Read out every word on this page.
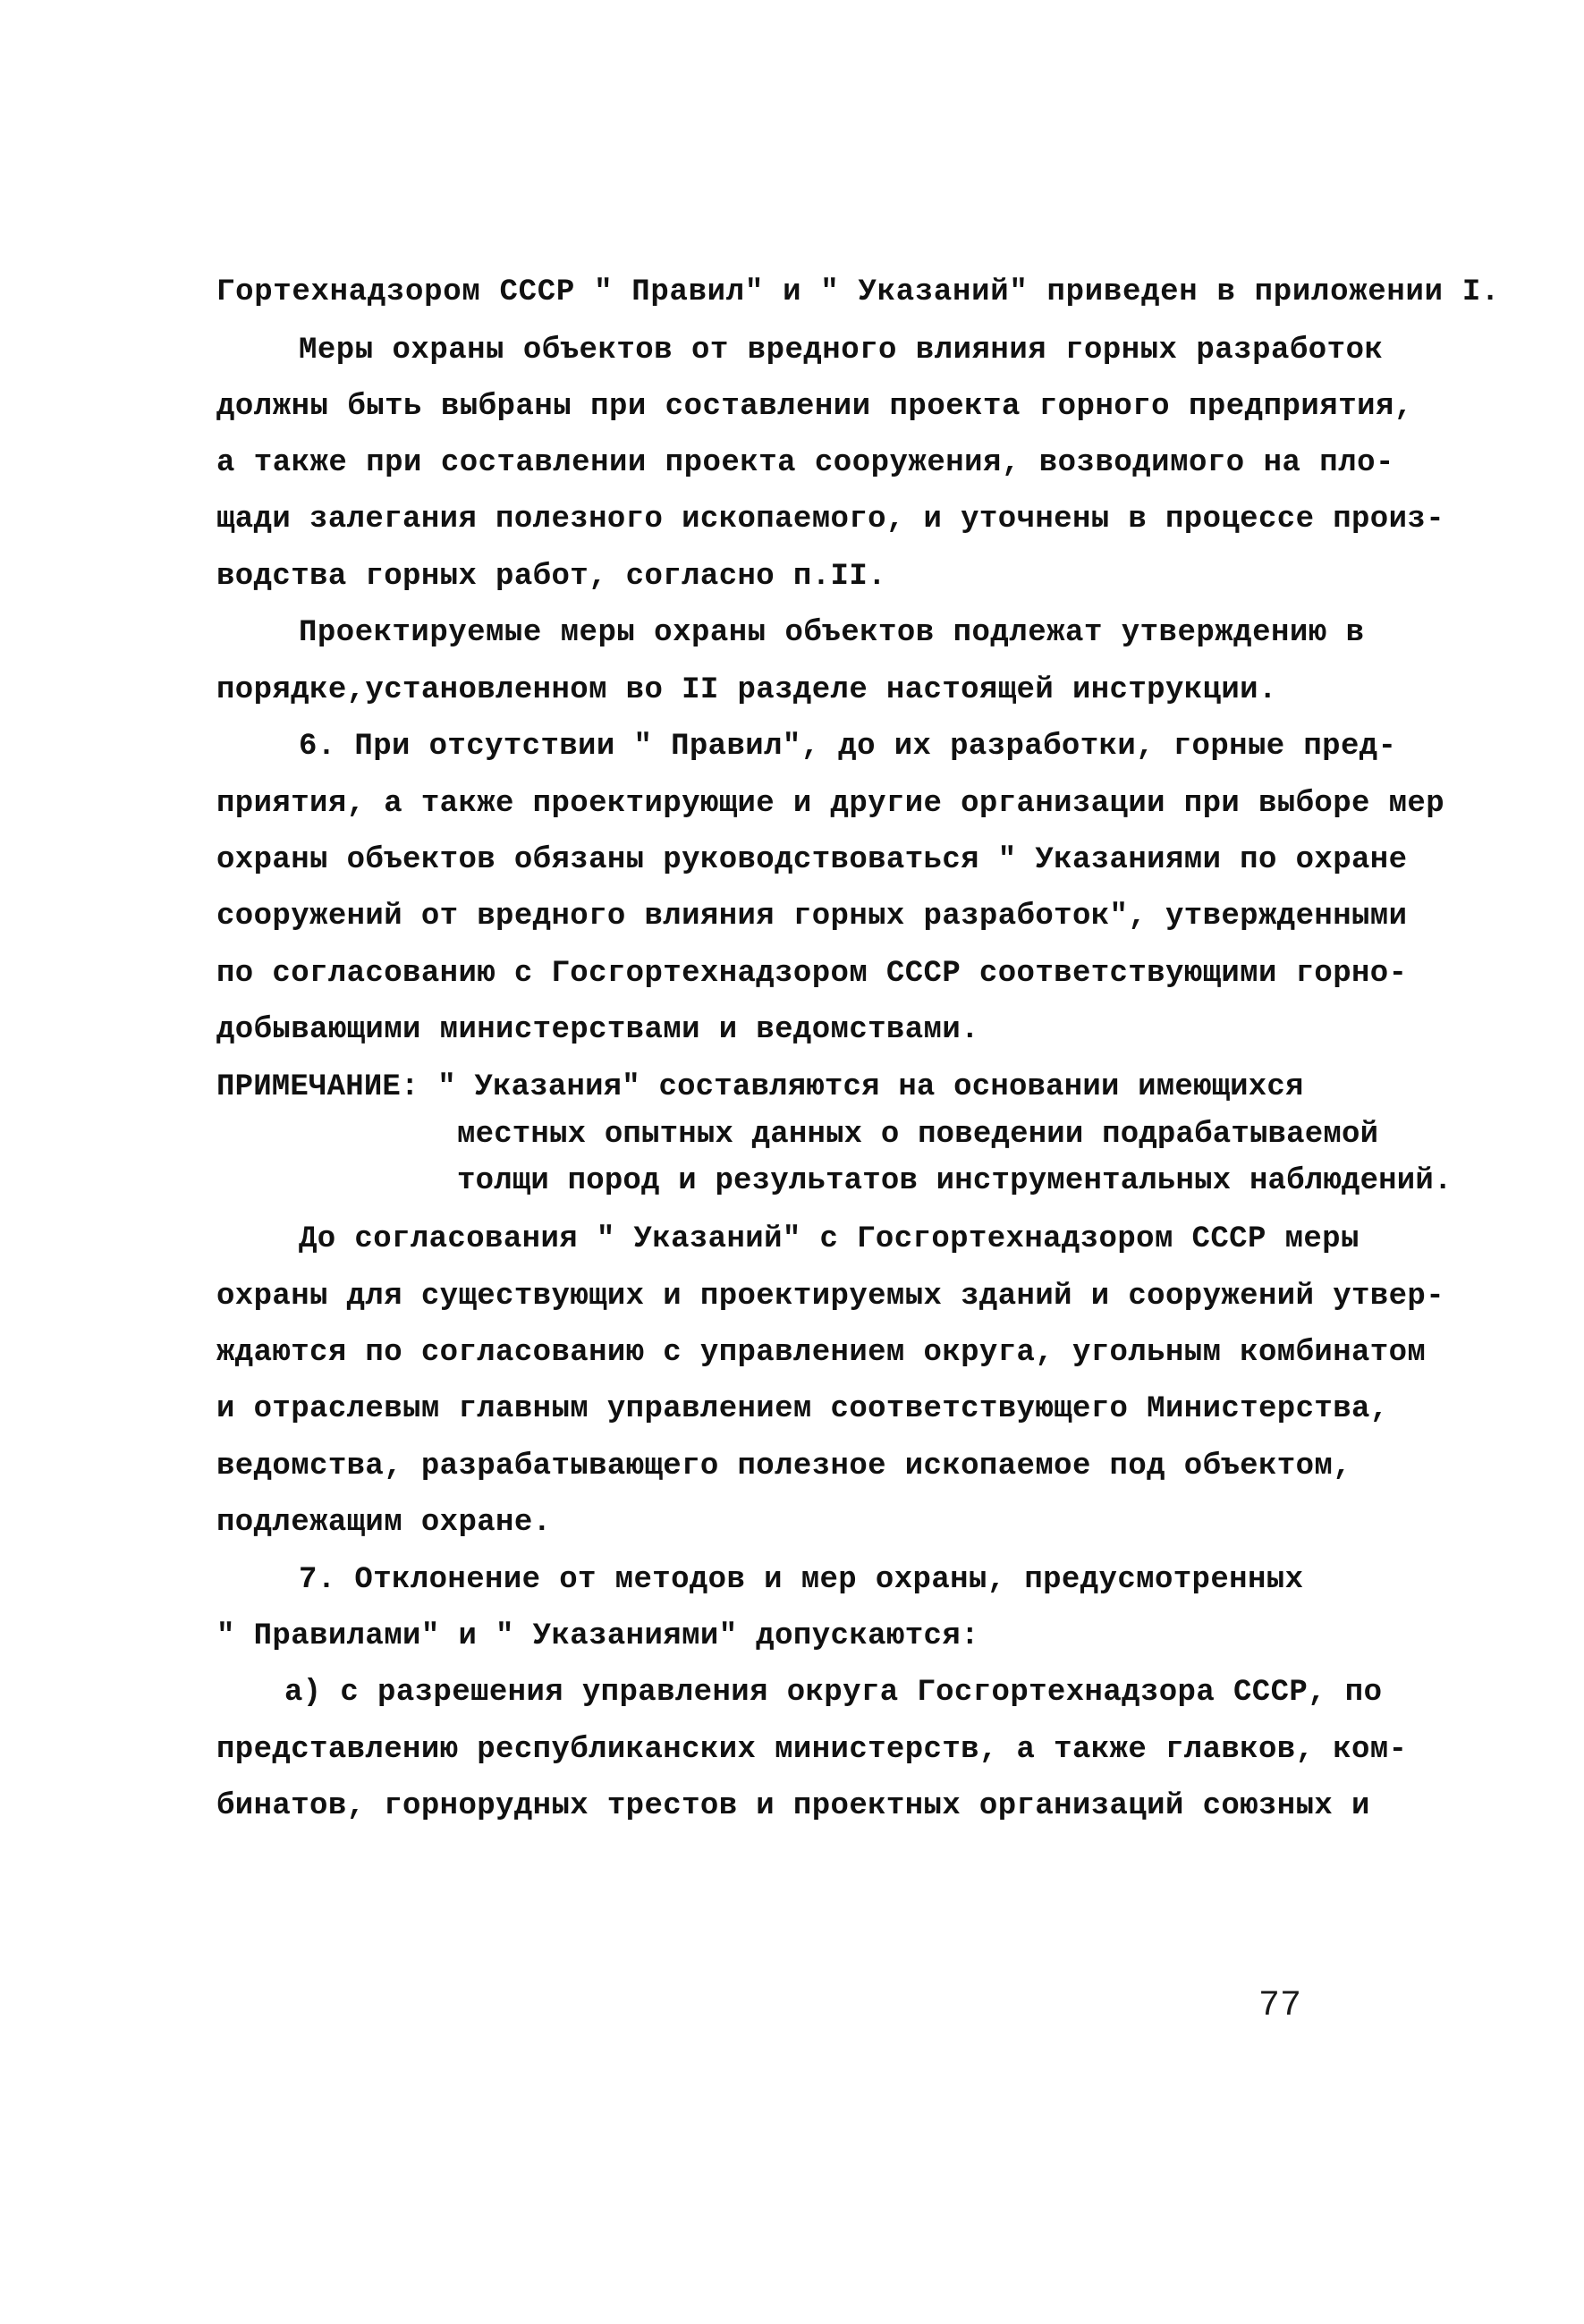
Гортехнадзором СССР " Правил" и " Указаний" приведен в приложении I.

Меры охраны объектов от вредного влияния горных разработок

должны быть выбраны при составлении проекта горного предприятия,

а также при составлении проекта сооружения, возводимого на пло-

щади залегания полезного ископаемого, и уточнены в процессе произ-

водства горных работ, согласно п.II.

Проектируемые меры охраны объектов подлежат утверждению в

порядке,установленном во II разделе настоящей инструкции.

6. При отсутствии " Правил", до их разработки, горные пред-

приятия, а также проектирующие и другие организации при выборе мер

охраны объектов обязаны руководствоваться " Указаниями по охране

сооружений от вредного влияния горных разработок", утвержденными

по согласованию с Госгортехнадзором СССР соответствующими горно-

добывающими министерствами и ведомствами.

ПРИМЕЧАНИЕ: " Указания" составляются на основании имеющихся

местных опытных данных о поведении подрабатываемой

толщи пород и результатов инструментальных наблюдений.

До согласования " Указаний" с Госгортехнадзором СССР меры

охраны для существующих и проектируемых зданий и сооружений утвер-

ждаются по согласованию с управлением округа, угольным комбинатом

и отраслевым главным управлением соответствующего Министерства,

ведомства, разрабатывающего полезное ископаемое под объектом,

подлежащим охране.

7. Отклонение от методов и мер охраны, предусмотренных

" Правилами" и " Указаниями" допускаются:

а) с разрешения управления округа Госгортехнадзора СССР, по

представлению республиканских министерств, а также главков, ком-

бинатов, горнорудных трестов и проектных организаций союзных и

77
